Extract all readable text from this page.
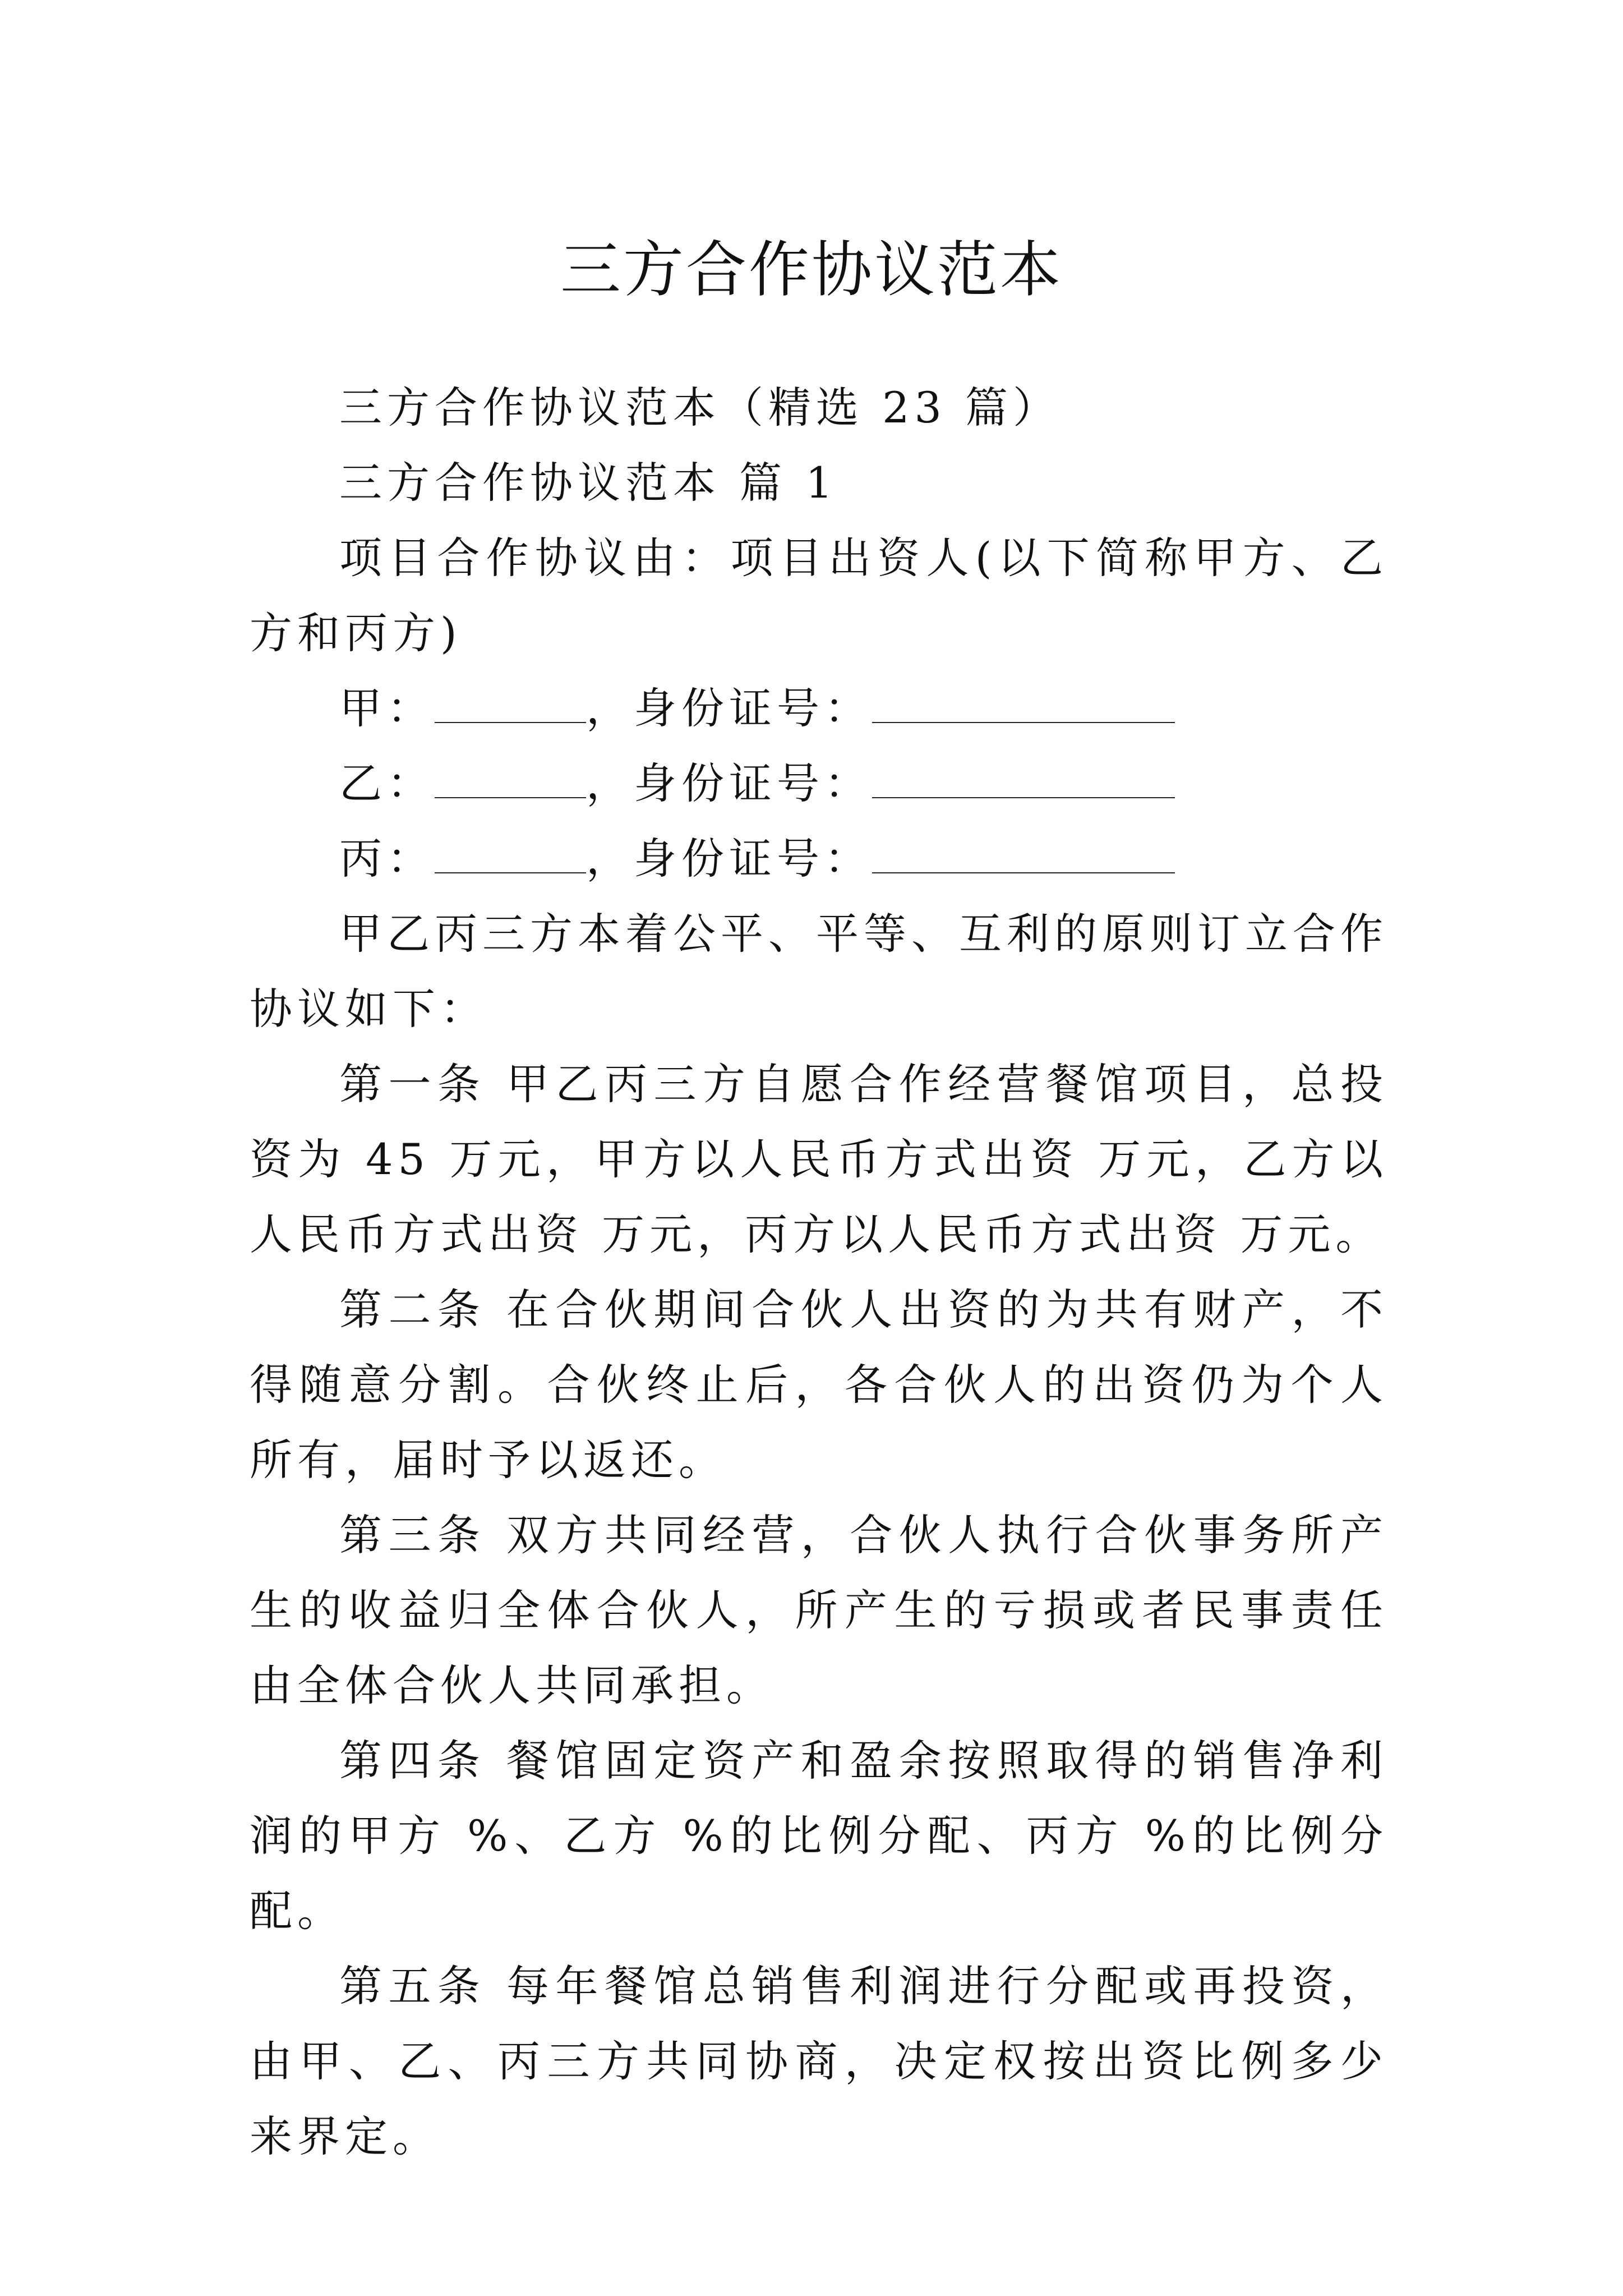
三方合作协议范本

三方合作协议范本（精选 23 篇）

三方合作协议范本 篇 1

项目合作协议由：项目出资人(以下简称甲方、乙方和丙方)

甲：	，身份证号：

乙：	，身份证号：

丙：	，身份证号：

甲乙丙三方本着公平、平等、互利的原则订立合作协议如下：

第一条 甲乙丙三方自愿合作经营餐馆项目，总投资为 45 万元，甲方以人民币方式出资 万元，乙方以人民币方式出资 万元，丙方以人民币方式出资 万元。

第二条 在合伙期间合伙人出资的为共有财产，不得随意分割。合伙终止后，各合伙人的出资仍为个人所有，届时予以返还。

第三条 双方共同经营，合伙人执行合伙事务所产生的收益归全体合伙人，所产生的亏损或者民事责任由全体合伙人共同承担。

第四条 餐馆固定资产和盈余按照取得的销售净利润的甲方 %、乙方 %的比例分配、丙方 %的比例分配。

第五条 每年餐馆总销售利润进行分配或再投资，由甲、乙、丙三方共同协商，决定权按出资比例多少来界定。
